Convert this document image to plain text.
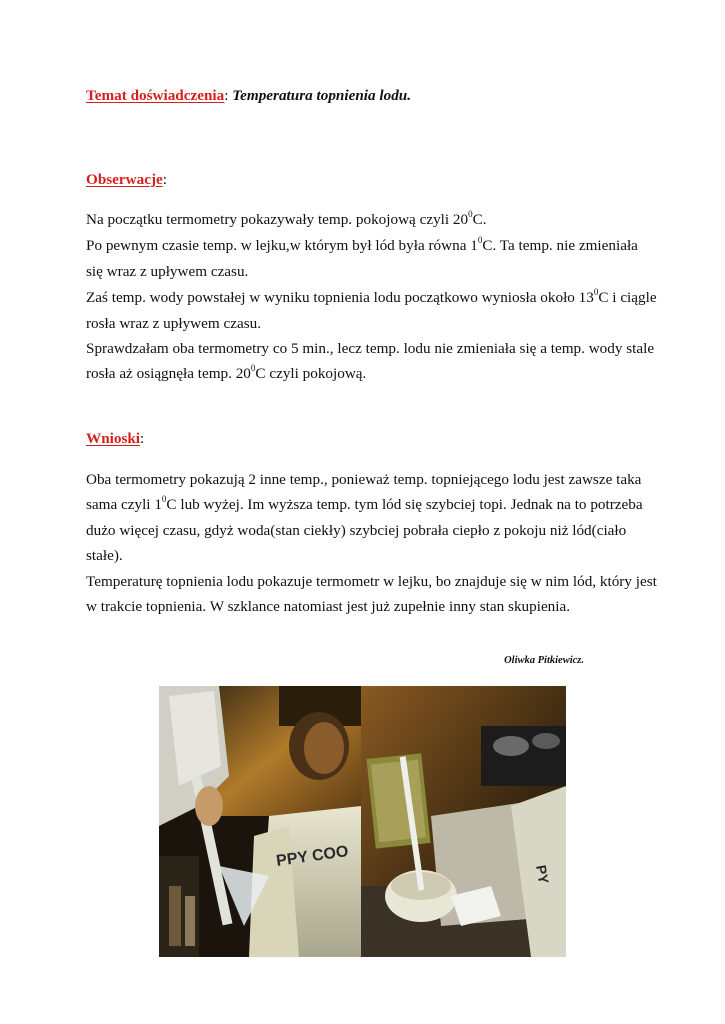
Temat doświadczenia: Temperatura topnienia lodu.
Obserwacje:
Na początku termometry pokazywały temp. pokojową czyli $20^0C$.
Po pewnym czasie temp. w lejku,w którym był lód była równa $1^0C$. Ta temp. nie zmieniała
się wraz z upływem czasu.
Zaś temp. wody powstałej w wyniku topnienia lodu początkowo wyniosła około $13^0C$ i ciągle
rosła wraz z upływem czasu.
Sprawdzałam oba termometry co 5 min., lecz temp. lodu nie zmieniała się a temp. wody stale
rosła aż osiągnęła temp. $20^0C$ czyli pokojową.
Wnioski:
Oba termometry pokazują 2 inne temp., ponieważ temp. topniejącego lodu jest zawsze taka
sama czyli $1^0C$ lub wyżej. Im wyższa temp. tym lód się szybciej topi. Jednak na to potrzeba
dużo więcej czasu, gdyż woda(stan ciekły) szybciej pobrała ciepło z pokoju niż lód(ciało
stałe).
Temperaturę topnienia lodu pokazuje termometr w lejku, bo znajduje się w nim lód, który jest
w trakcie topnienia. W szklance natomiast jest już zupełnie inny stan skupienia.
Oliwka Pitkiewicz.
PPY COO
PY
